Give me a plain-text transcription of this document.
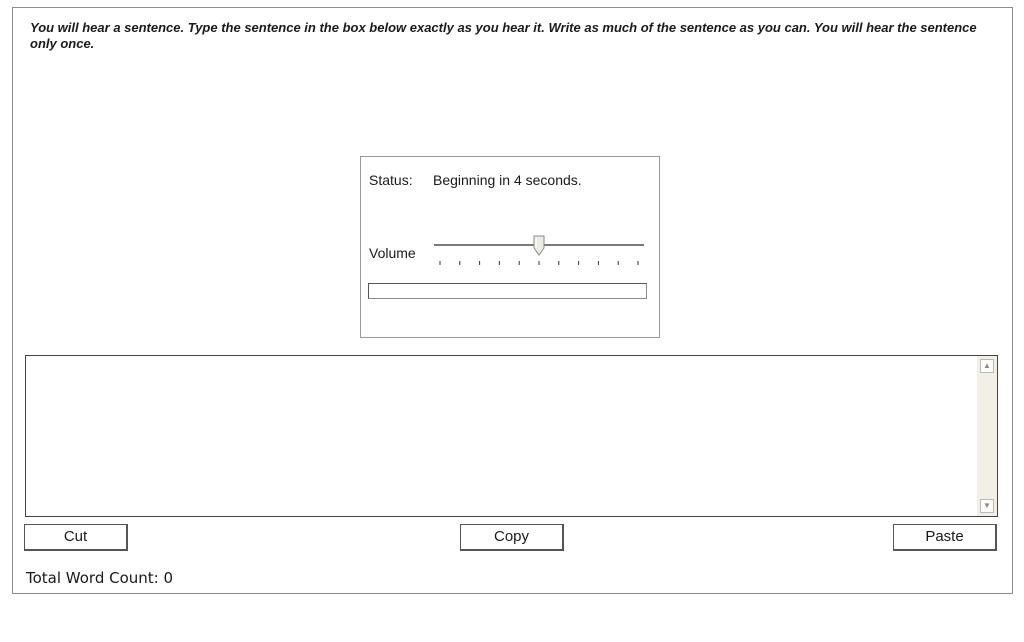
You will hear a sentence. Type the sentence in the box below exactly as you hear it. Write as much of the sentence as you can. You will hear the sentence only once.
Status: Beginning in 4 seconds.
Volume
▲
▼
Cut	Copy	Paste
Total Word Count: 0
